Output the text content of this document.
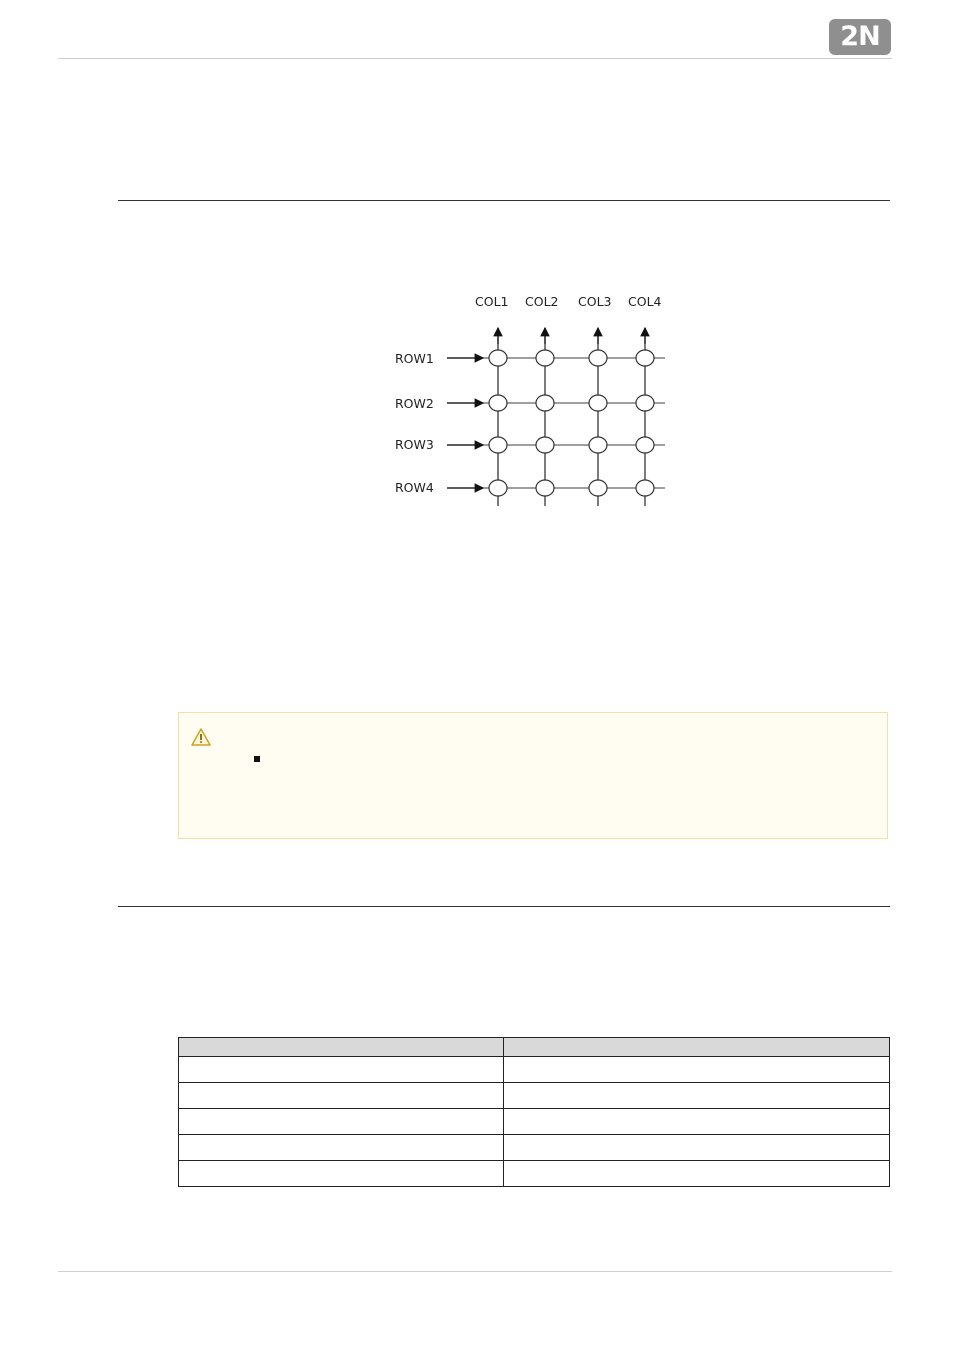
2N
COL1 COL2 COL3 COL4
ROW1
ROW2
ROW3
ROW4
